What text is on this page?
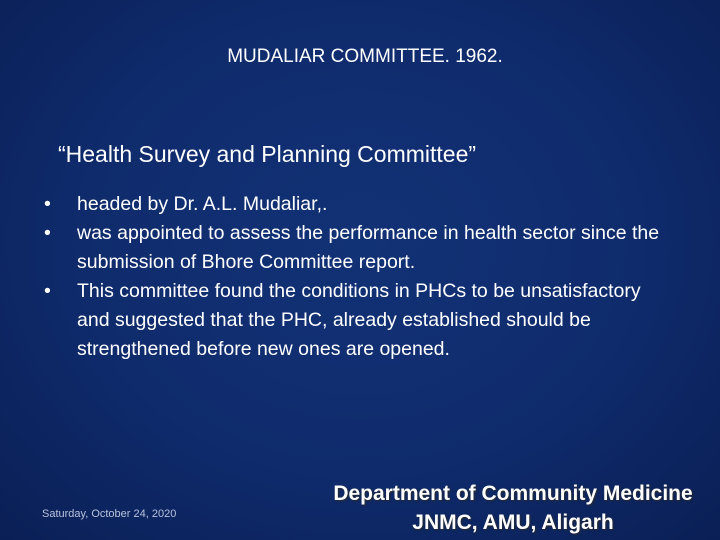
MUDALIAR COMMITTEE. 1962.
“Health Survey and Planning Committee”
•	headed by Dr. A.L. Mudaliar,.
•	was appointed to assess the performance in health sector since the submission of Bhore Committee report.
•	This committee found the conditions in PHCs to be unsatisfactory and suggested that the PHC, already established should be strengthened before new ones are opened.
Saturday, October 24, 2020
Department of Community Medicine
JNMC, AMU, Aligarh
